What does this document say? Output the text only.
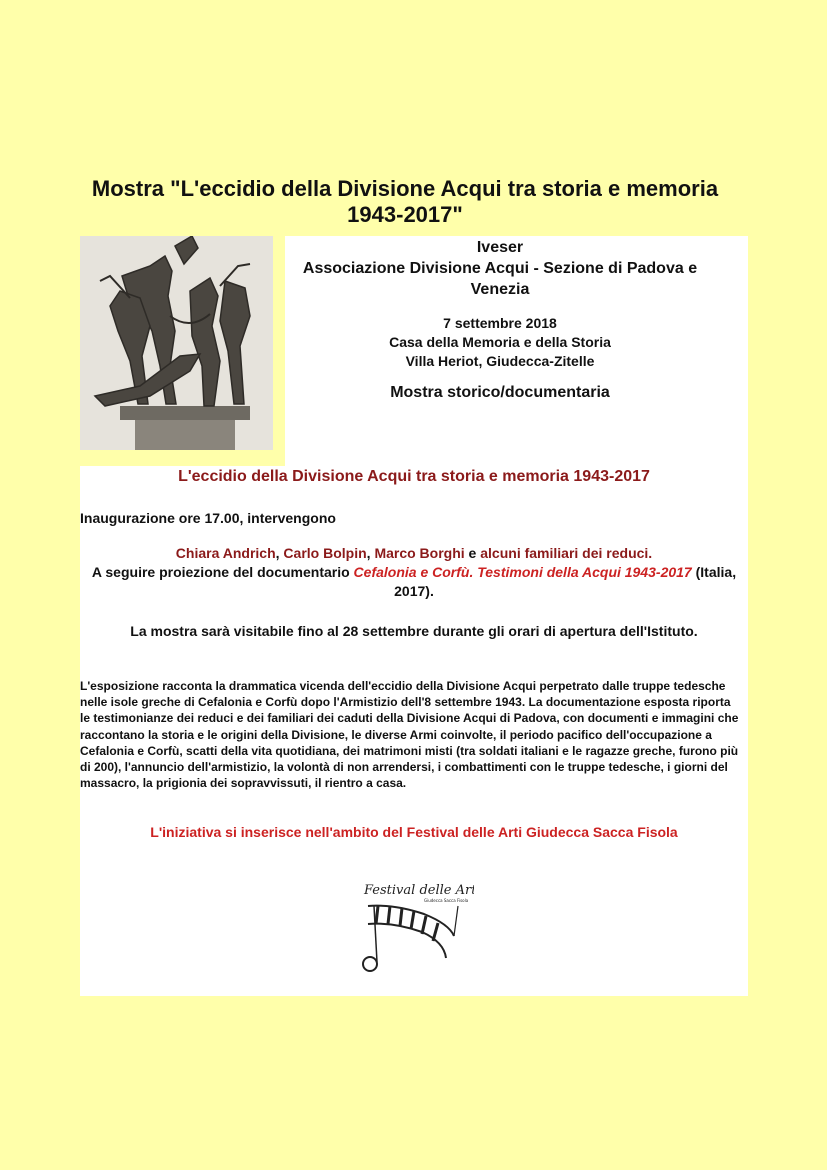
Mostra "L'eccidio della Divisione Acqui tra storia e memoria 1943-2017"
Iveser
Associazione Divisione Acqui - Sezione di Padova e Venezia
7 settembre 2018
Casa della Memoria e della Storia
Villa Heriot, Giudecca-Zitelle
Mostra storico/documentaria
L'eccidio della Divisione Acqui tra storia e memoria 1943-2017
Inaugurazione ore 17.00, intervengono
Chiara Andrich, Carlo Bolpin, Marco Borghi e alcuni familiari dei reduci.
A seguire proiezione del documentario Cefalonia e Corfù. Testimoni della Acqui 1943-2017 (Italia, 2017).
La mostra sarà visitabile fino al 28 settembre durante gli orari di apertura dell'Istituto.
L'esposizione racconta la drammatica vicenda dell'eccidio della Divisione Acqui perpetrato dalle truppe tedesche nelle isole greche di Cefalonia e Corfù dopo l'Armistizio dell'8 settembre 1943. La documentazione esposta riporta le testimonianze dei reduci e dei familiari dei caduti della Divisione Acqui di Padova, con documenti e immagini che raccontano la storia e le origini della Divisione, le diverse Armi coinvolte, il periodo pacifico dell'occupazione a Cefalonia e Corfù, scatti della vita quotidiana, dei matrimoni misti (tra soldati italiani e le ragazze greche, furono più di 200), l'annuncio dell'armistizio, la volontà di non arrendersi, i combattimenti con le truppe tedesche, i giorni del massacro, la prigionia dei sopravvissuti, il rientro a casa.
L'iniziativa si inserisce nell'ambito del Festival delle Arti Giudecca Sacca Fisola
Festival delle Arti
Giudecca Sacca Fisola
